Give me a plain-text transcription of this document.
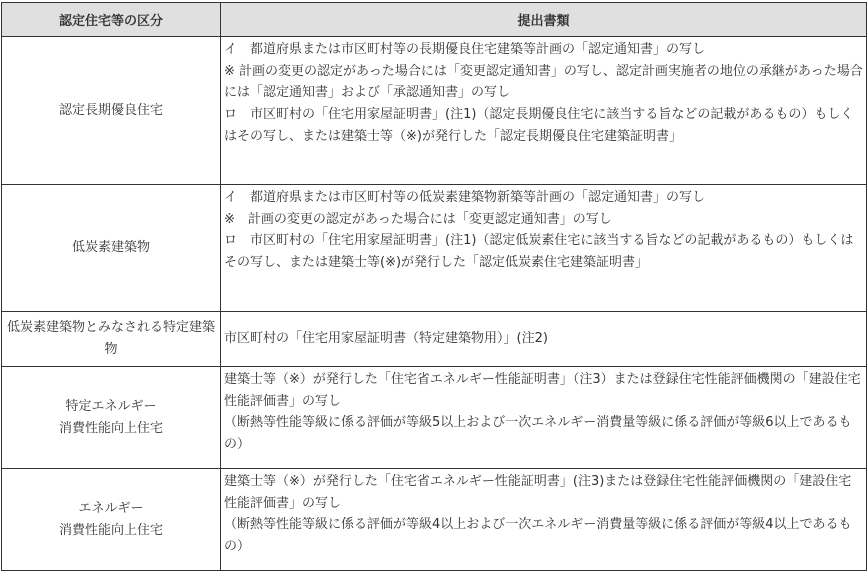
認定住宅等の区分	提出書類
認定長期優良住宅	イ　都道府県または市区町村等の長期優良住宅建築等計画の「認定通知書」の写し
※ 計画の変更の認定があった場合には「変更認定通知書」の写し、認定計画実施者の地位の承継があった場合には「認定通知書」および「承認通知書」の写し
ロ　市区町村の「住宅用家屋証明書」(注1)（認定長期優良住宅に該当する旨などの記載があるもの）もしくはその写し、または建築士等（※)が発行した「認定長期優良住宅建築証明書」

低炭素建築物	イ　都道府県または市区町村等の低炭素建築物新築等計画の「認定通知書」の写し
※　計画の変更の認定があった場合には「変更認定通知書」の写し
ロ　市区町村の「住宅用家屋証明書」(注1)（認定低炭素住宅に該当する旨などの記載があるもの）もしくはその写し、または建築士等(※)が発行した「認定低炭素住宅建築証明書」

低炭素建築物とみなされる特定建築物	市区町村の「住宅用家屋証明書（特定建築物用）」(注2)

特定エネルギー
消費性能向上住宅	建築士等（※）が発行した「住宅省エネルギー性能証明書」（注3）または登録住宅性能評価機関の「建設住宅性能評価書」の写し
（断熱等性能等級に係る評価が等級5以上および一次エネルギー消費量等級に係る評価が等級6以上であるもの）

エネルギー
消費性能向上住宅	建築士等（※）が発行した「住宅省エネルギー性能証明書」(注3)または登録住宅性能評価機関の「建設住宅性能評価書」の写し
（断熱等性能等級に係る評価が等級4以上および一次エネルギー消費量等級に係る評価が等級4以上であるもの）
